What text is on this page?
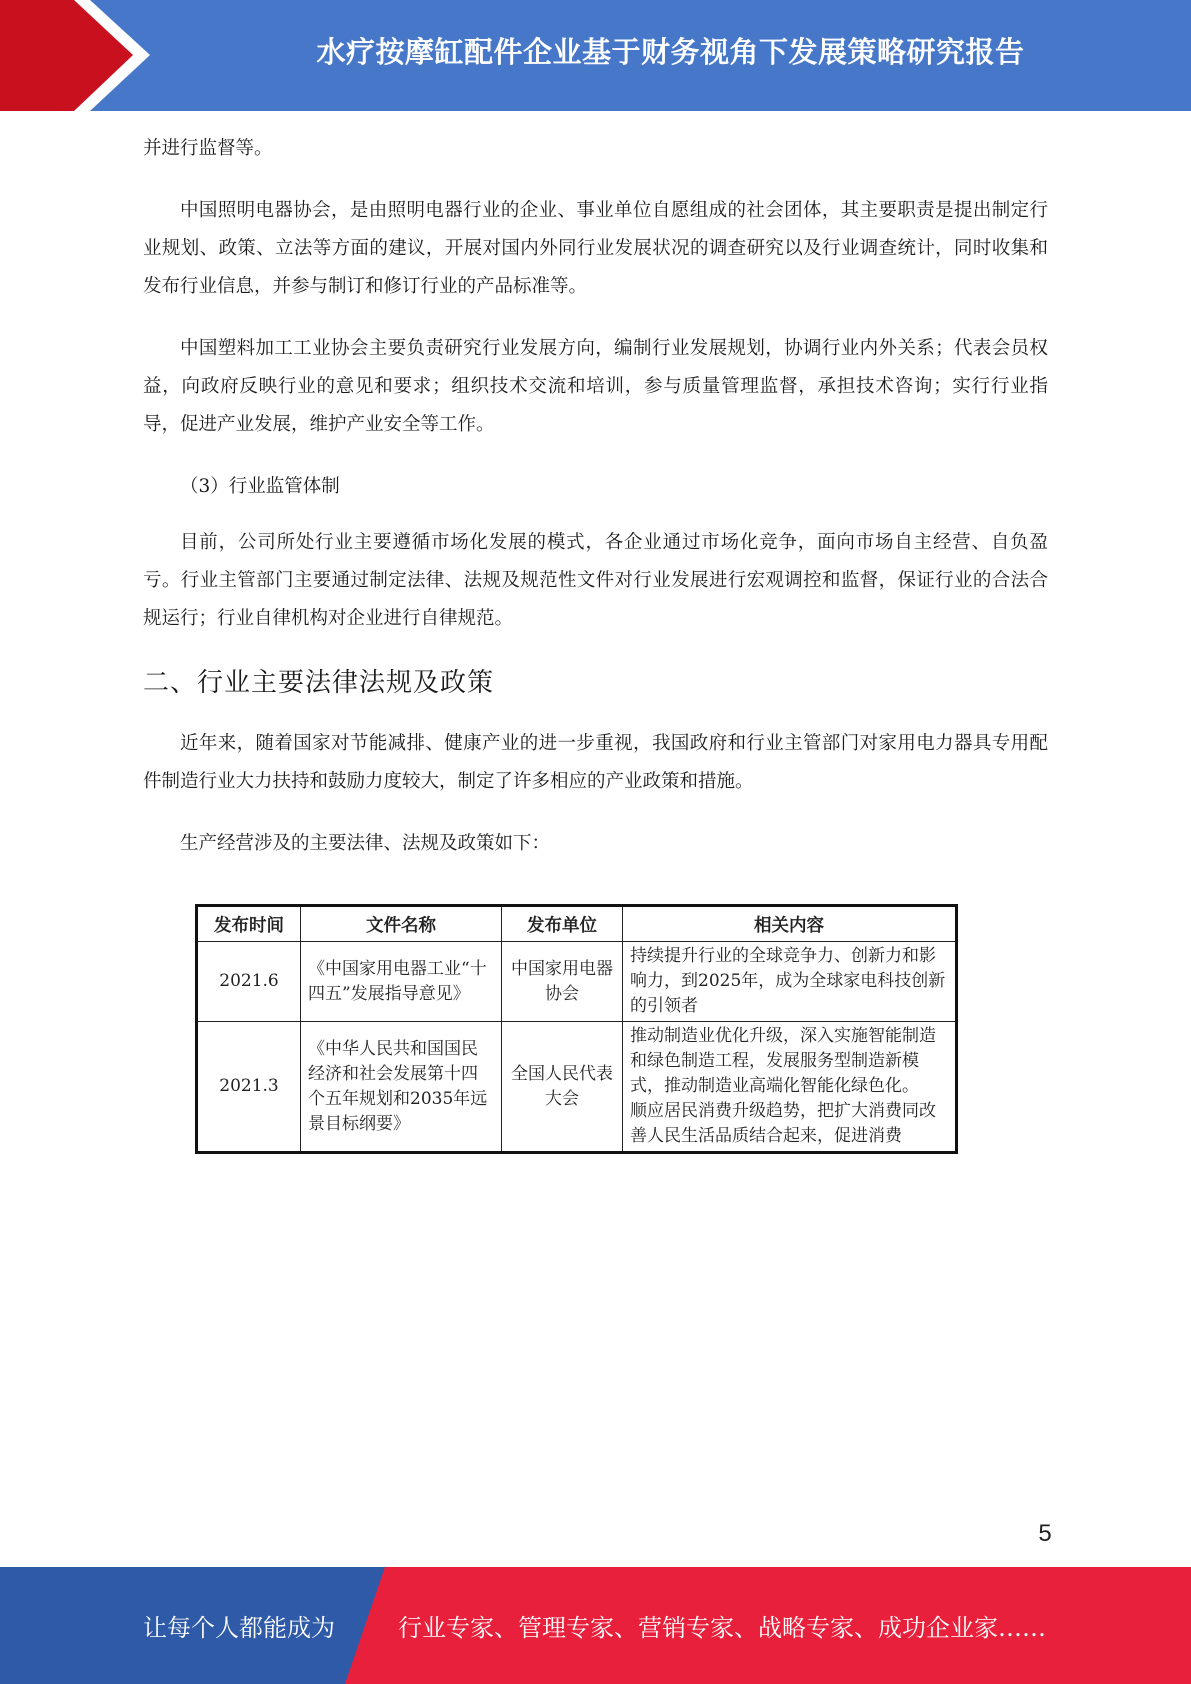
水疗按摩缸配件企业基于财务视角下发展策略研究报告

并进行监督等。

中国照明电器协会，是由照明电器行业的企业、事业单位自愿组成的社会团体，其主要职责是提出制定行业规划、政策、立法等方面的建议，开展对国内外同行业发展状况的调查研究以及行业调查统计，同时收集和发布行业信息，并参与制订和修订行业的产品标准等。

中国塑料加工工业协会主要负责研究行业发展方向，编制行业发展规划，协调行业内外关系；代表会员权益，向政府反映行业的意见和要求；组织技术交流和培训，参与质量管理监督，承担技术咨询；实行行业指导，促进产业发展，维护产业安全等工作。

（3）行业监管体制

目前，公司所处行业主要遵循市场化发展的模式，各企业通过市场化竞争，面向市场自主经营、自负盈亏。行业主管部门主要通过制定法律、法规及规范性文件对行业发展进行宏观调控和监督，保证行业的合法合规运行；行业自律机构对企业进行自律规范。

二、行业主要法律法规及政策

近年来，随着国家对节能减排、健康产业的进一步重视，我国政府和行业主管部门对家用电力器具专用配件制造行业大力扶持和鼓励力度较大，制定了许多相应的产业政策和措施。

生产经营涉及的主要法律、法规及政策如下：

发布时间	文件名称	发布单位	相关内容
2021.6	《中国家用电器工业“十四五”发展指导意见》	中国家用电器协会	持续提升行业的全球竞争力、创新力和影响力，到2025年，成为全球家电科技创新的引领者
2021.3	《中华人民共和国国民经济和社会发展第十四个五年规划和2035年远景目标纲要》	全国人民代表大会	推动制造业优化升级，深入实施智能制造和绿色制造工程，发展服务型制造新模式，推动制造业高端化智能化绿色化。
顺应居民消费升级趋势，把扩大消费同改善人民生活品质结合起来，促进消费
5
让每个人都能成为	行业专家、管理专家、营销专家、战略专家、成功企业家……
